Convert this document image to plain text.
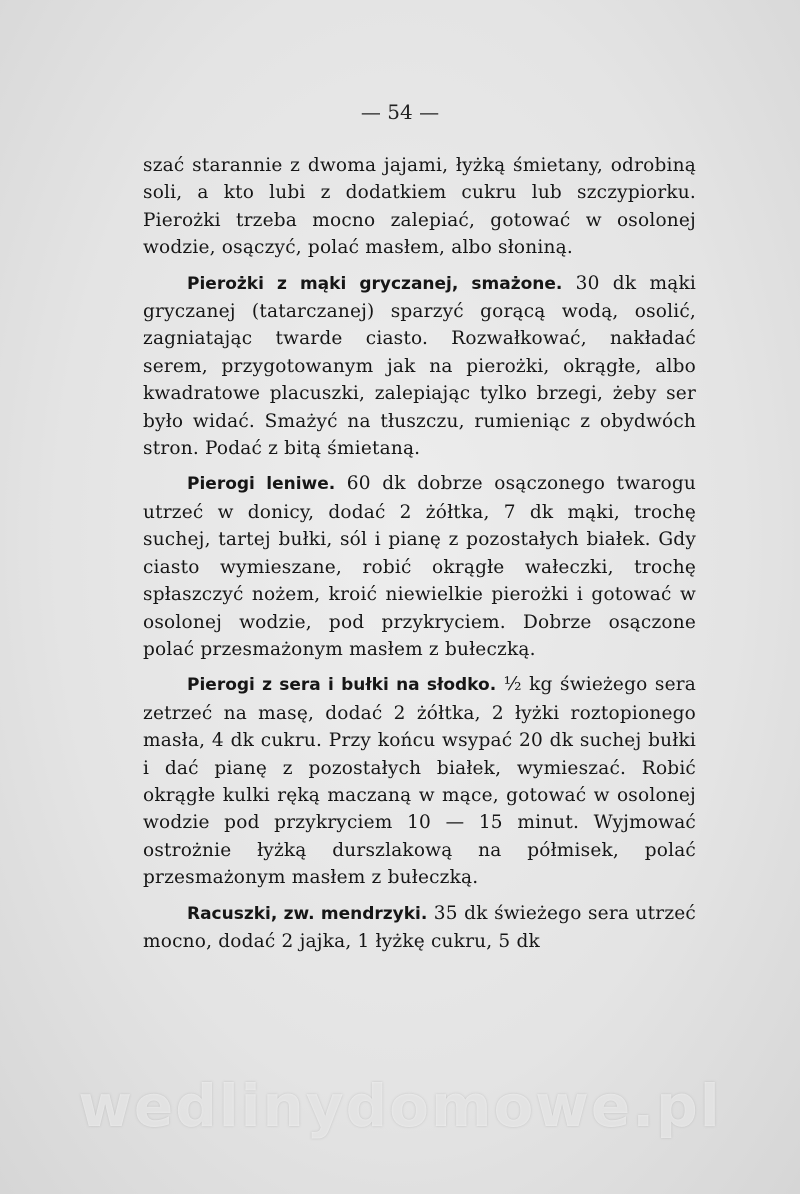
— 54 —

szać starannie z dwoma jajami, łyżką śmietany, odrobiną soli, a kto lubi z dodatkiem cukru lub szczypiorku. Pierożki trzeba mocno zalepiać, gotować w osolonej wodzie, osączyć, polać masłem, albo słoniną.

Pierożki z mąki gryczanej, smażone. 30 dk mąki gryczanej (tatarczanej) sparzyć gorącą wodą, osolić, zagniatając twarde ciasto. Rozwałkować, nakładać serem, przygotowanym jak na pierożki, okrągłe, albo kwadratowe placuszki, zalepiając tylko brzegi, żeby ser było widać. Smażyć na tłuszczu, rumieniąc z obydwóch stron. Podać z bitą śmietaną.

Pierogi leniwe. 60 dk dobrze osączonego twarogu utrzeć w donicy, dodać 2 żółtka, 7 dk mąki, trochę suchej, tartej bułki, sól i pianę z pozostałych białek. Gdy ciasto wymieszane, robić okrągłe wałeczki, trochę spłaszczyć nożem, kroić niewielkie pierożki i gotować w osolonej wodzie, pod przykryciem. Dobrze osączone polać przesmażonym masłem z bułeczką.

Pierogi z sera i bułki na słodko. ½ kg świeżego sera zetrzeć na masę, dodać 2 żółtka, 2 łyżki roztopionego masła, 4 dk cukru. Przy końcu wsypać 20 dk suchej bułki i dać pianę z pozostałych białek, wymieszać. Robić okrągłe kulki ręką maczaną w mące, gotować w osolonej wodzie pod przykryciem 10 — 15 minut. Wyjmować ostrożnie łyżką durszlakową na półmisek, polać przesmażonym masłem z bułeczką.

Racuszki, zw. mendrzyki. 35 dk świeżego sera utrzeć mocno, dodać 2 jajka, 1 łyżkę cukru, 5 dk

wedlinydomowe.pl
